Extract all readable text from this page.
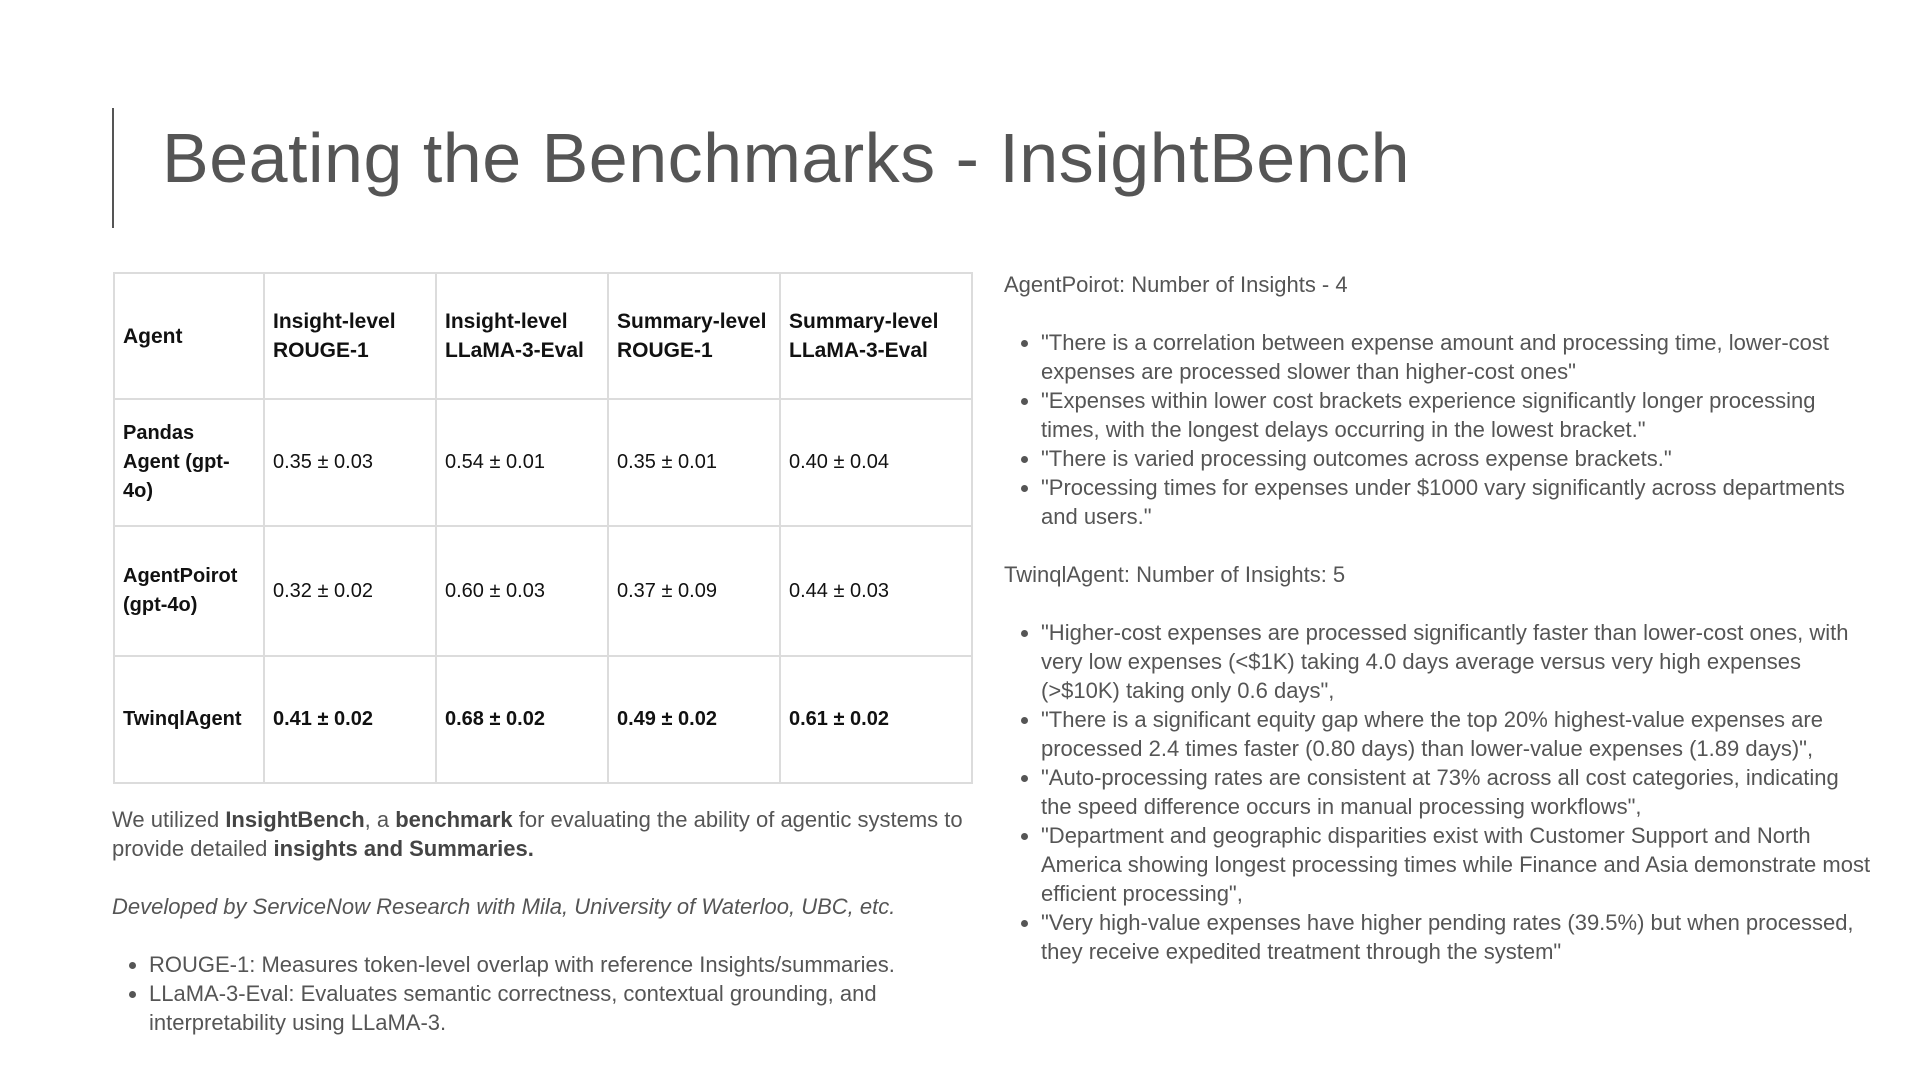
Beating the Benchmarks - InsightBench
Agent	Insight-level ROUGE-1	Insight-level LLaMA-3-Eval	Summary-level ROUGE-1	Summary-level LLaMA-3-Eval
Pandas Agent (gpt-4o)	0.35 ± 0.03	0.54 ± 0.01	0.35 ± 0.01	0.40 ± 0.04
AgentPoirot (gpt-4o)	0.32 ± 0.02	0.60 ± 0.03	0.37 ± 0.09	0.44 ± 0.03
TwinqlAgent	0.41 ± 0.02	0.68 ± 0.02	0.49 ± 0.02	0.61 ± 0.02

We utilized InsightBench, a benchmark for evaluating the ability of agentic systems to provide detailed insights and Summaries.

Developed by ServiceNow Research with Mila, University of Waterloo, UBC, etc.

• ROUGE-1: Measures token-level overlap with reference Insights/summaries.
• LLaMA-3-Eval: Evaluates semantic correctness, contextual grounding, and interpretability using LLaMA-3.

AgentPoirot: Number of Insights - 4

• "There is a correlation between expense amount and processing time, lower-cost expenses are processed slower than higher-cost ones"
• "Expenses within lower cost brackets experience significantly longer processing times, with the longest delays occurring in the lowest bracket."
• "There is varied processing outcomes across expense brackets."
• "Processing times for expenses under $1000 vary significantly across departments and users."

TwinqlAgent: Number of Insights: 5

• "Higher-cost expenses are processed significantly faster than lower-cost ones, with very low expenses (<$1K) taking 4.0 days average versus very high expenses (>$10K) taking only 0.6 days",
• "There is a significant equity gap where the top 20% highest-value expenses are processed 2.4 times faster (0.80 days) than lower-value expenses (1.89 days)",
• "Auto-processing rates are consistent at 73% across all cost categories, indicating the speed difference occurs in manual processing workflows",
• "Department and geographic disparities exist with Customer Support and North America showing longest processing times while Finance and Asia demonstrate most efficient processing",
• "Very high-value expenses have higher pending rates (39.5%) but when processed, they receive expedited treatment through the system"
